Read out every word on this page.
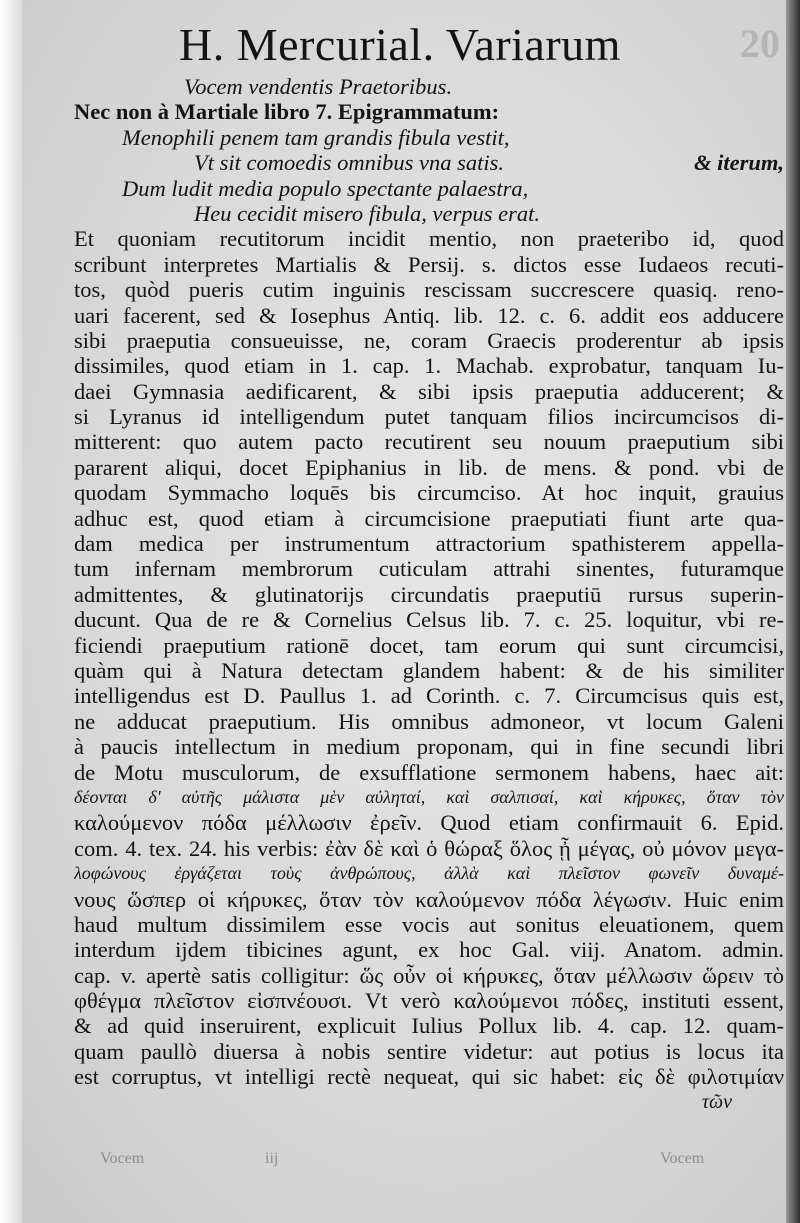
20
H. Mercurial. Variarum
Vocem vendentis Praetoribus.
Nec non à Martiale libro 7. Epigrammatum:
Menophili penem tam grandis fibula vestit,
Vt sit comoedis omnibus vna satis.	& iterum,
Dum ludit media populo spectante palaestra,
Heu cecidit misero fibula, verpus erat.
Et quoniam recutitorum incidit mentio, non praeteribo id, quod
scribunt interpretes Martialis & Persij. s. dictos esse Iudaeos recuti-
tos, quòd pueris cutim inguinis rescissam succrescere quasiq. reno-
uari facerent, sed & Iosephus Antiq. lib. 12. c. 6. addit eos adducere
sibi praeputia consueuisse, ne, coram Graecis proderentur ab ipsis
dissimiles, quod etiam in 1. cap. 1. Machab. exprobatur, tanquam Iu-
daei Gymnasia aedificarent, & sibi ipsis praeputia adducerent; &
si Lyranus id intelligendum putet tanquam filios incircumcisos di-
mitterent: quo autem pacto recutirent seu nouum praeputium sibi
pararent aliqui, docet Epiphanius in lib. de mens. & pond. vbi de
quodam Symmacho loquēs bis circumciso. At hoc inquit, grauius
adhuc est, quod etiam à circumcisione praeputiati fiunt arte qua-
dam medica per instrumentum attractorium spathisterem appella-
tum infernam membrorum cuticulam attrahi sinentes, futuramque
admittentes, & glutinatorijs circundatis praeputiū rursus superin-
ducunt. Qua de re & Cornelius Celsus lib. 7. c. 25. loquitur, vbi re-
ficiendi praeputium rationē docet, tam eorum qui sunt circumcisi,
quàm qui à Natura detectam glandem habent: & de his similiter
intelligendus est D. Paullus 1. ad Corinth. c. 7. Circumcisus quis est,
ne adducat praeputium. His omnibus admoneor, vt locum Galeni
à paucis intellectum in medium proponam, qui in fine secundi libri
de Motu musculorum, de exsufflatione sermonem habens, haec ait:
δέονται δ' αὐτῆς μάλιστα μὲν αὐληταί, καὶ σαλπισαί, καὶ κήρυκες, ὅταν τὸν
καλούμενον πόδα μέλλωσιν ἐρεῖν. Quod etiam confirmauit 6. Epid.
com. 4. tex. 24. his verbis: ἐὰν δὲ καὶ ὁ θώραξ ὅλος ᾖ μέγας, οὐ μόνον μεγα-
λοφώνους ἐργάζεται τοὺς ἀνθρώπους, ἀλλὰ καὶ πλεῖστον φωνεῖν δυναμέ-
νους ὥσπερ οἱ κήρυκες, ὅταν τὸν καλούμενον πόδα λέγωσιν. Huic enim
haud multum dissimilem esse vocis aut sonitus eleuationem, quem
interdum ijdem tibicines agunt, ex hoc Gal. viij. Anatom. admin.
cap. v. apertè satis colligitur: ὥς οὖν οἱ κήρυκες, ὅταν μέλλωσιν ὥρειν τὸ
φθέγμα πλεῖστον εἰσπνέουσι. Vt verò καλούμενοι πόδες, instituti essent,
& ad quid inseruirent, explicuit Iulius Pollux lib. 4. cap. 12. quam-
quam paullò diuersa à nobis sentire videtur: aut potius is locus ita
est corruptus, vt intelligi rectè nequeat, qui sic habet: εἰς δὲ φιλοτιμίαν
τῶν
Vocem	iij	Vocem
